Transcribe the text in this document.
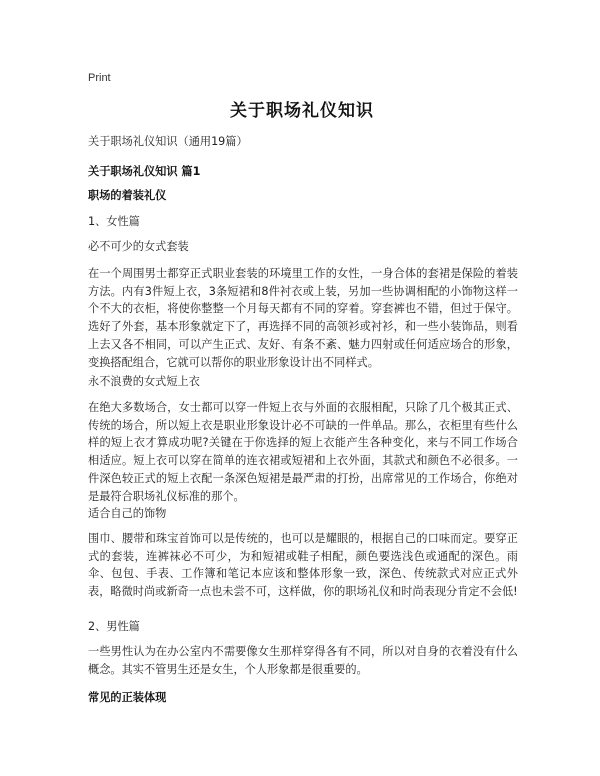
Print
关于职场礼仪知识
关于职场礼仪知识（通用19篇）
关于职场礼仪知识 篇1
职场的着装礼仪
1、女性篇
必不可少的女式套装
在一个周围男士都穿正式职业套装的环境里工作的女性，一身合体的套裙是保险的着装方法。内有3件短上衣，3条短裙和8件衬衣或上装，另加一些协调相配的小饰物这样一个不大的衣柜，将使你整整一个月每天都有不同的穿着。穿套裤也不错，但过于保守。选好了外套，基本形象就定下了，再选择不同的高领衫或衬衫，和一些小装饰品，则看上去又各不相同，可以产生正式、友好、有条不紊、魅力四射或任何适应场合的形象，变换搭配组合，它就可以帮你的职业形象设计出不同样式。
永不浪费的女式短上衣
在绝大多数场合，女士都可以穿一件短上衣与外面的衣服相配，只除了几个极其正式、传统的场合，所以短上衣是职业形象设计必不可缺的一件单品。那么，衣柜里有些什么样的短上衣才算成功呢?关键在于你选择的短上衣能产生各种变化，来与不同工作场合相适应。短上衣可以穿在简单的连衣裙或短裙和上衣外面，其款式和颜色不必很多。一件深色较正式的短上衣配一条深色短裙是最严肃的打扮，出席常见的工作场合，你绝对是最符合职场礼仪标准的那个。
适合自己的饰物
围巾、腰带和珠宝首饰可以是传统的，也可以是耀眼的，根据自己的口味而定。要穿正式的套装，连裤袜必不可少，为和短裙或鞋子相配，颜色要选浅色或通配的深色。雨伞、包包、手表、工作簿和笔记本应该和整体形象一致，深色、传统款式对应正式外表，略微时尚或新奇一点也未尝不可，这样做，你的职场礼仪和时尚表现分肯定不会低!
2、男性篇
一些男性认为在办公室内不需要像女生那样穿得各有不同，所以对自身的衣着没有什么概念。其实不管男生还是女生，个人形象都是很重要的。
常见的正装体现
